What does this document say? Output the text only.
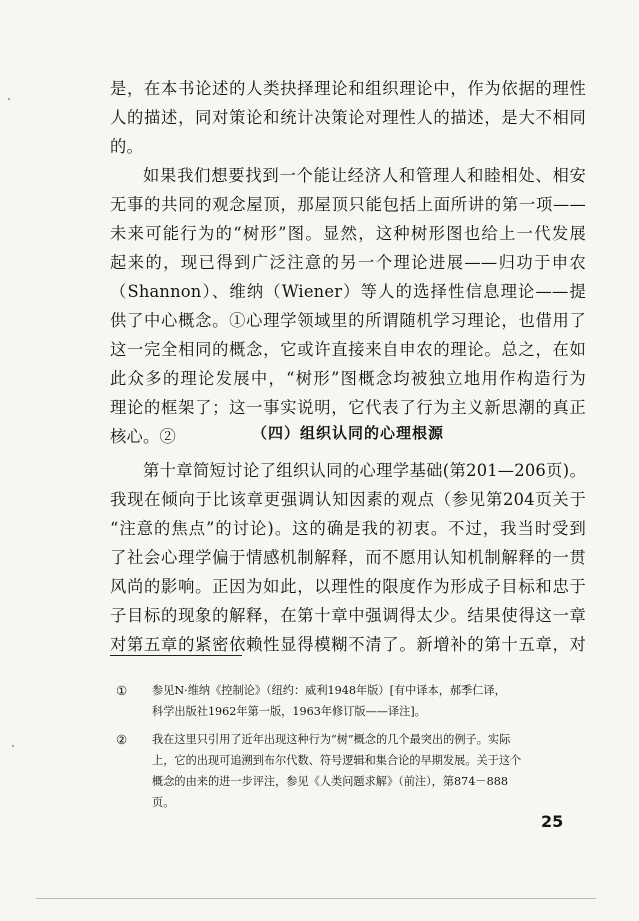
是，在本书论述的人类抉择理论和组织理论中，作为依据的理性
人的描述，同对策论和统计决策论对理性人的描述，是大不相同
的。
如果我们想要找到一个能让经济人和管理人和睦相处、相安
无事的共同的观念屋顶，那屋顶只能包括上面所讲的第一项——
未来可能行为的“树形”图。显然，这种树形图也给上一代发展
起来的，现已得到广泛注意的另一个理论进展——归功于申农
（Shannon）、维纳（Wiener）等人的选择性信息理论——提
供了中心概念。①心理学领域里的所谓随机学习理论，也借用了
这一完全相同的概念，它或许直接来自申农的理论。总之，在如
此众多的理论发展中，“树形”图概念均被独立地用作构造行为
理论的框架了；这一事实说明，它代表了行为主义新思潮的真正
核心。②	（四）组织认同的心理根源
第十章简短讨论了组织认同的心理学基础(第201—206页)。
我现在倾向于比该章更强调认知因素的观点（参见第204页关于
“注意的焦点”的讨论)。这的确是我的初衷。不过，我当时受到
了社会心理学偏于情感机制解释，而不愿用认知机制解释的一贯
风尚的影响。正因为如此，以理性的限度作为形成子目标和忠于
子目标的现象的解释，在第十章中强调得太少。结果使得这一章
对第五章的紧密依赖性显得模糊不清了。新增补的第十五章，对
① 参见N·维纳《控制论》（纽约：威利1948年版）[有中译本，郝季仁译，
科学出版社1962年第一版，1963年修订版——译注]。
② 我在这里只引用了近年出现这种行为“树”概念的几个最突出的例子。实际
上，它的出现可追溯到布尔代数、符号逻辑和集合论的早期发展。关于这个
概念的由来的进一步评注，参见《人类问题求解》（前注），第874－888
页。
25
